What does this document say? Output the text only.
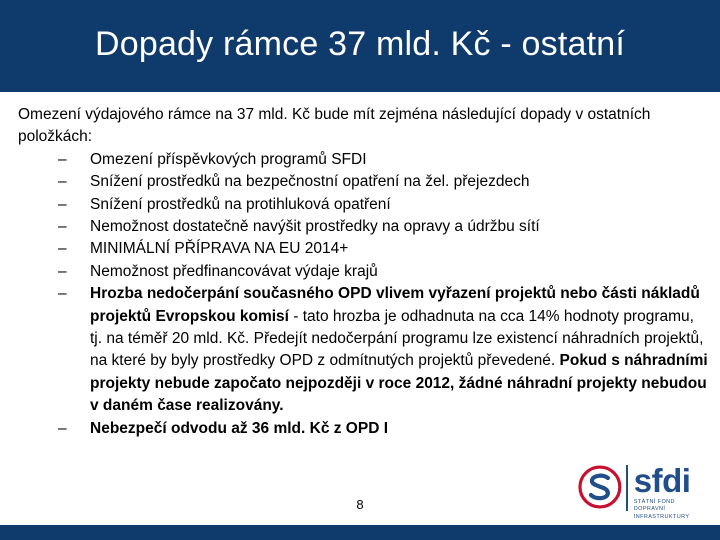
Dopady rámce 37 mld. Kč - ostatní

Omezení výdajového rámce na 37 mld. Kč bude mít zejména následující dopady v ostatních položkách:

– Omezení příspěvkových programů SFDI
– Snížení prostředků na bezpečnostní opatření na žel. přejezdech
– Snížení prostředků na protihluková opatření
– Nemožnost dostatečně navýšit prostředky na opravy a údržbu sítí
– MINIMÁLNÍ PŘÍPRAVA NA EU 2014+
– Nemožnost předfinancovávat výdaje krajů
– Hrozba nedočerpání současného OPD vlivem vyřazení projektů nebo části nákladů projektů Evropskou komisí - tato hrozba je odhadnuta na cca 14% hodnoty programu, tj. na téměř 20 mld. Kč. Předejít nedočerpání programu lze existencí náhradních projektů, na které by byly prostředky OPD z odmítnutých projektů převedené. Pokud s náhradními projekty nebude započato nejpozději v roce 2012, žádné náhradní projekty nebudou v daném čase realizovány.
– Nebezpečí odvodu až 36 mld. Kč z OPD I
8
sfdi
STÁTNÍ FOND DOPRAVNÍ
INFRASTRUKTURY
